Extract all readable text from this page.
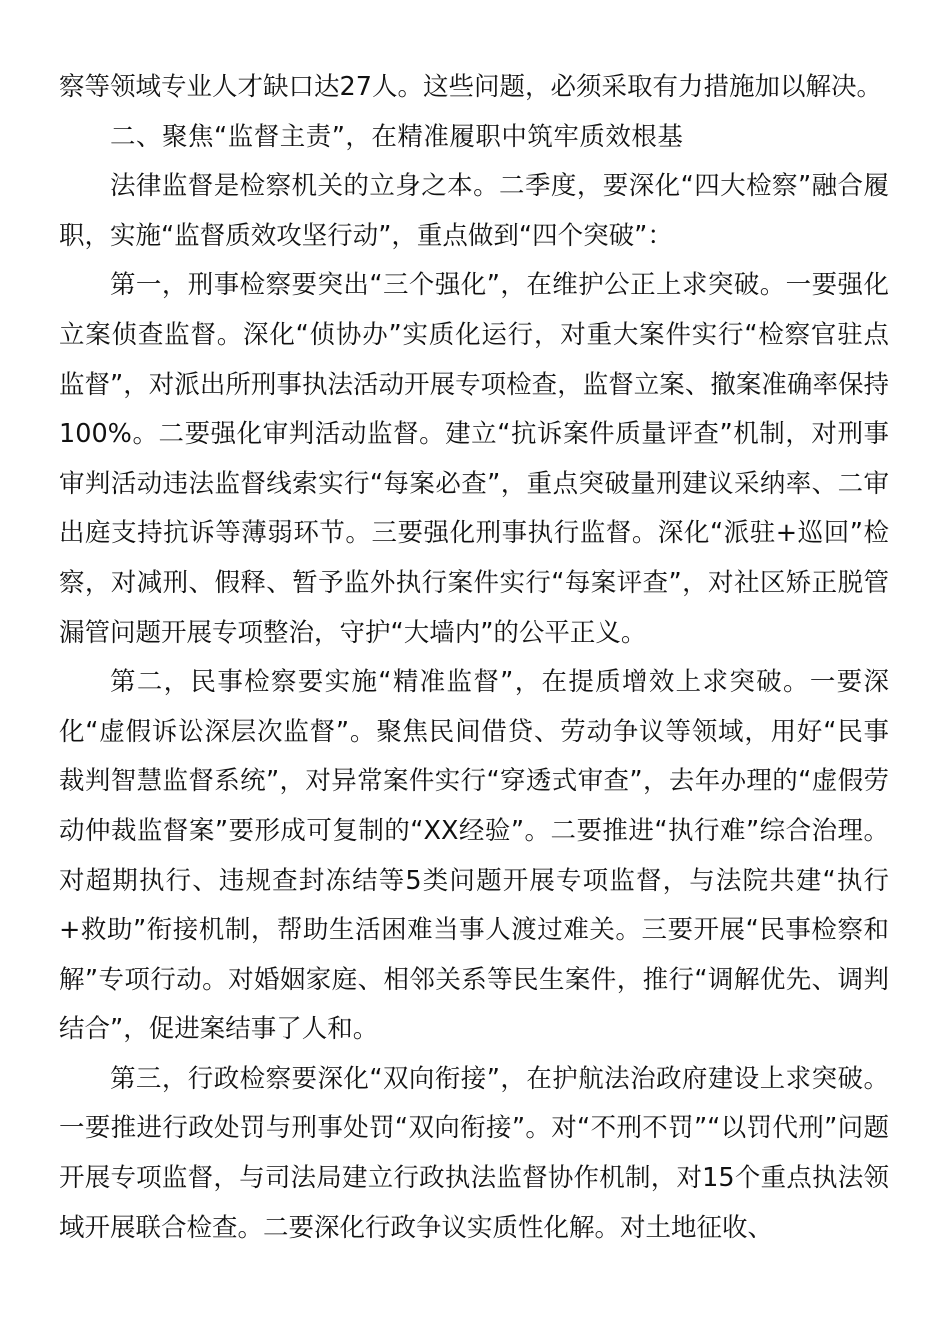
察等领域专业人才缺口达27人。这些问题，必须采取有力措施加以解决。

二、聚焦“监督主责”，在精准履职中筑牢质效根基

法律监督是检察机关的立身之本。二季度，要深化“四大检察”融合履职，实施“监督质效攻坚行动”，重点做到“四个突破”：

第一，刑事检察要突出“三个强化”，在维护公正上求突破。一要强化立案侦查监督。深化“侦协办”实质化运行，对重大案件实行“检察官驻点监督”，对派出所刑事执法活动开展专项检查，监督立案、撤案准确率保持100%。二要强化审判活动监督。建立“抗诉案件质量评查”机制，对刑事审判活动违法监督线索实行“每案必查”，重点突破量刑建议采纳率、二审出庭支持抗诉等薄弱环节。三要强化刑事执行监督。深化“派驻+巡回”检察，对减刑、假释、暂予监外执行案件实行“每案评查”，对社区矫正脱管漏管问题开展专项整治，守护“大墙内”的公平正义。

第二，民事检察要实施“精准监督”，在提质增效上求突破。一要深化“虚假诉讼深层次监督”。聚焦民间借贷、劳动争议等领域，用好“民事裁判智慧监督系统”，对异常案件实行“穿透式审查”，去年办理的“虚假劳动仲裁监督案”要形成可复制的“XX经验”。二要推进“执行难”综合治理。对超期执行、违规查封冻结等5类问题开展专项监督，与法院共建“执行+救助”衔接机制，帮助生活困难当事人渡过难关。三要开展“民事检察和解”专项行动。对婚姻家庭、相邻关系等民生案件，推行“调解优先、调判结合”，促进案结事了人和。

第三，行政检察要深化“双向衔接”，在护航法治政府建设上求突破。一要推进行政处罚与刑事处罚“双向衔接”。对“不刑不罚”“以罚代刑”问题开展专项监督，与司法局建立行政执法监督协作机制，对15个重点执法领域开展联合检查。二要深化行政争议实质性化解。对土地征收、
